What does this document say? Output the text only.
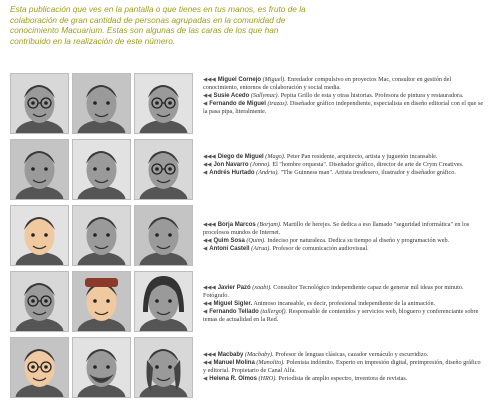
Esta publicación que ves en la pantalla o que tienes en tus manos, es fruto de la colaboración de gran cantidad de personas agrupadas en la comunidad de conocimiento Macuarium. Estas son algunas de las caras de los que han contribuido en la realización de este número.

◀◀◀ Miguel Cornejo (Miguel). Enredador compulsivo en proyectos Mac, consultor en gestión del conocimiento, entornos de colaboración y social media.

◀◀ Susie Acedo (Sallymac). Pepita Grillo de esta y otras historias. Profesora de pintura y restauradora.

◀ Fernando de Miguel (trazas). Diseñador gráfico independiente, especialista en diseño editorial con el que se la pasa pipa, literalmente.

◀◀◀ Diego de Miguel (Mago). Peter Pan residente, arquitecto, artista y juguetón incansable.

◀◀ Jon Navarro (Jonno). El "hombre orquesta". Diseñador gráfico, director de arte de Crym Creatives.

◀ Andrés Hurtado (Andriu). "The Guinness man". Artista tresdesero, ilustrador y diseñador gráfico.

◀◀◀ Borja Marcos (Borjam). Martillo de herejes. Se dedica a eso llamado "seguridad informática" en los procelosos mundos de Internet.

◀◀ Quim Sosa (Quim). Indeciso por naturaleza. Dedica su tiempo al diseño y programación web.

◀ Antoni Castell (Airua). Profesor de comunicación audiovisual.

◀◀◀ Javier Pazó (xoabi). Consultor Tecnológico independiente capaz de generar mil ideas por minuto. Fotógrafo.

◀◀ Miguel Sigler. Animoso incansable, es decir, profesional independiente de la animación.

◀ Fernando Tellado (tallergof). Responsable de contenidos y servicios web, bloguero y conferenciante sobre temas de actualidad en la Red.

◀◀◀ Macbaby (Macbaby). Profesor de lenguas clásicas, cazador vernáculo y escurridizo.

◀◀ Manuel Molina (Manolito). Polenista indómito. Experto en impresión digital, preimpresión, diseño gráfico y editorial. Propietario de Canal Alfa.

◀ Helena R. Olmos (HRO). Periodista de amplio espectro, inventora de revistas.
